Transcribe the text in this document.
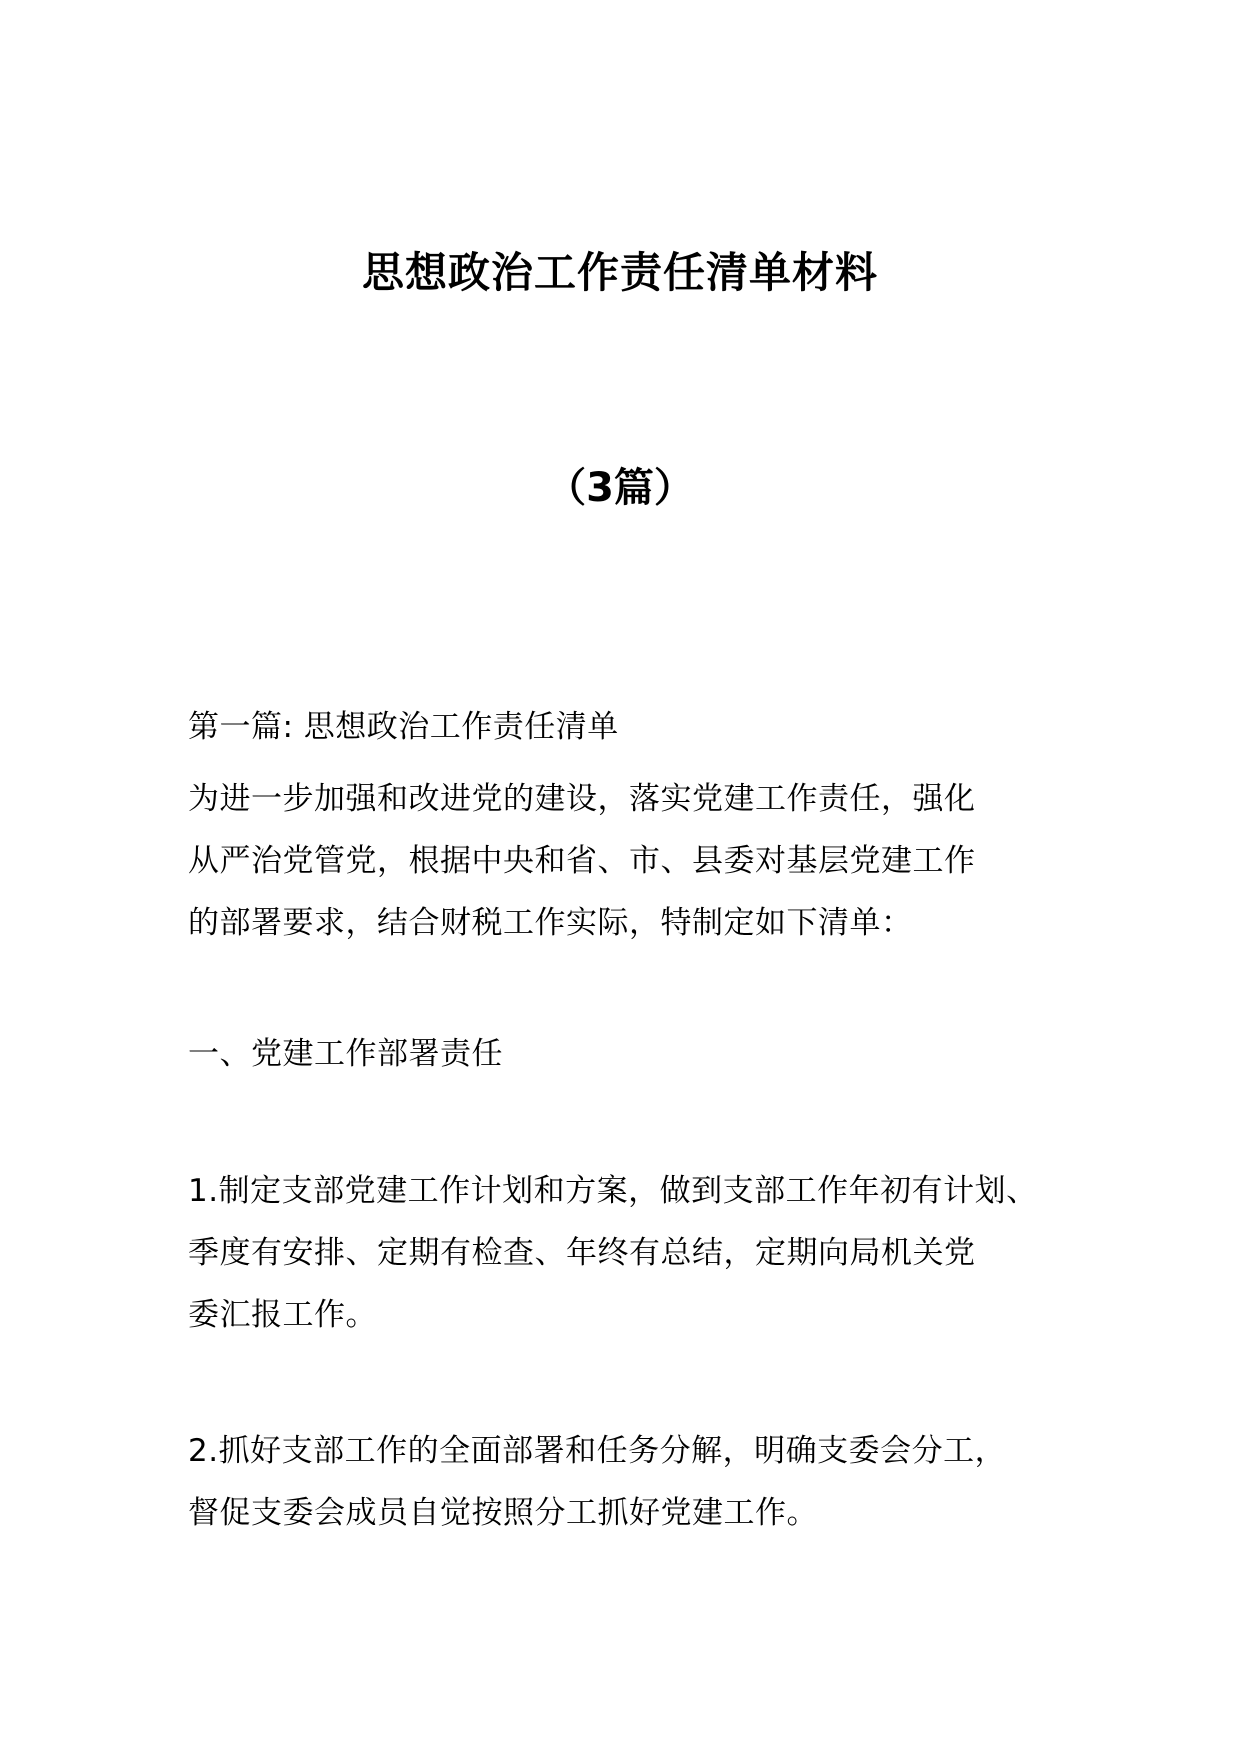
思想政治工作责任清单材料
（3篇）
第一篇: 思想政治工作责任清单
为进一步加强和改进党的建设，落实党建工作责任，强化
从严治党管党，根据中央和省、市、县委对基层党建工作
的部署要求，结合财税工作实际，特制定如下清单：
一、党建工作部署责任
1.制定支部党建工作计划和方案，做到支部工作年初有计划、
季度有安排、定期有检查、年终有总结，定期向局机关党
委汇报工作。
2.抓好支部工作的全面部署和任务分解，明确支委会分工，
督促支委会成员自觉按照分工抓好党建工作。
